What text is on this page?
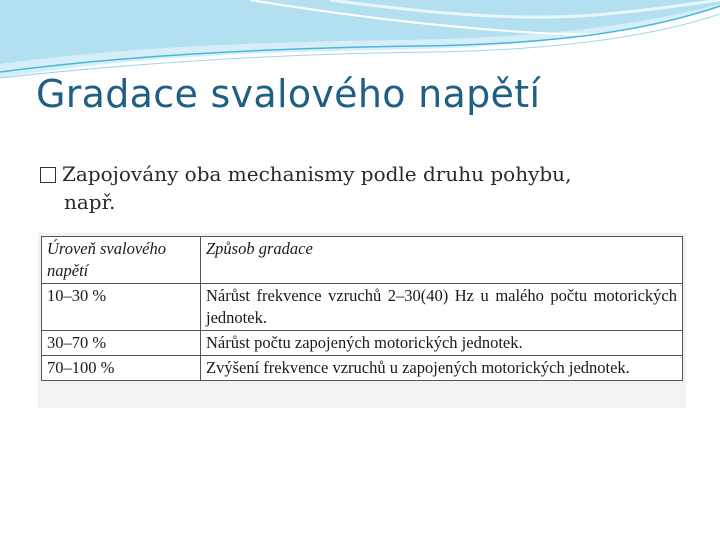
Gradace svalového napětí
Zapojovány oba mechanismy podle druhu pohybu,
např.
Úroveň svalového napětí	Způsob gradace
10–30 %	Nárůst frekvence vzruchů 2–30(40) Hz u malého počtu motorických jednotek.
30–70 %	Nárůst počtu zapojených motorických jednotek.
70–100 %	Zvýšení frekvence vzruchů u zapojených motorických jednotek.
